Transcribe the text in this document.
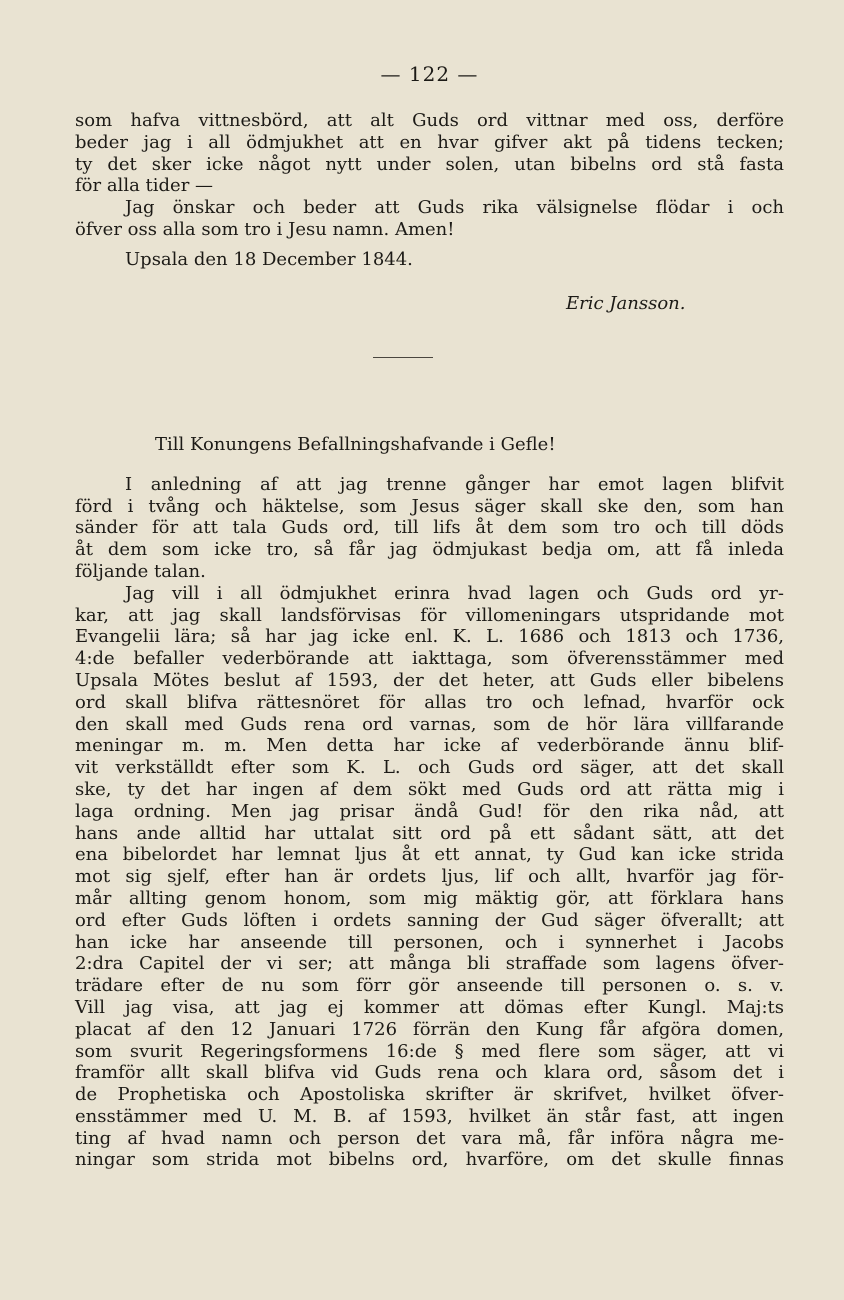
— 122 —
som hafva vittnesbörd, att alt Guds ord vittnar med oss, derföre
beder jag i all ödmjukhet att en hvar gifver akt på tidens tecken;
ty det sker icke något nytt under solen, utan bibelns ord stå fasta
för alla tider —
Jag önskar och beder att Guds rika välsignelse flödar i och
öfver oss alla som tro i Jesu namn. Amen!
Upsala den 18 December 1844.
Eric Jansson.
Till Konungens Befallningshafvande i Gefle!
I anledning af att jag trenne gånger har emot lagen blifvit
förd i tvång och häktelse, som Jesus säger skall ske den, som han
sänder för att tala Guds ord, till lifs åt dem som tro och till döds
åt dem som icke tro, så får jag ödmjukast bedja om, att få inleda
följande talan.
Jag vill i all ödmjukhet erinra hvad lagen och Guds ord yr-
kar, att jag skall landsförvisas för villomeningars utspridande mot
Evangelii lära; så har jag icke enl. K. L. 1686 och 1813 och 1736,
4:de befaller vederbörande att iakttaga, som öfverensstämmer med
Upsala Mötes beslut af 1593, der det heter, att Guds eller bibelens
ord skall blifva rättesnöret för allas tro och lefnad, hvarför ock
den skall med Guds rena ord varnas, som de hör lära villfarande
meningar m. m. Men detta har icke af vederbörande ännu blif-
vit verkställdt efter som K. L. och Guds ord säger, att det skall
ske, ty det har ingen af dem sökt med Guds ord att rätta mig i
laga ordning. Men jag prisar ändå Gud! för den rika nåd, att
hans ande alltid har uttalat sitt ord på ett sådant sätt, att det
ena bibelordet har lemnat ljus åt ett annat, ty Gud kan icke strida
mot sig sjelf, efter han är ordets ljus, lif och allt, hvarför jag för-
mår allting genom honom, som mig mäktig gör, att förklara hans
ord efter Guds löften i ordets sanning der Gud säger öfverallt; att
han icke har anseende till personen, och i synnerhet i Jacobs
2:dra Capitel der vi ser; att många bli straffade som lagens öfver-
trädare efter de nu som förr gör anseende till personen o. s. v.
Vill jag visa, att jag ej kommer att dömas efter Kungl. Maj:ts
placat af den 12 Januari 1726 förrän den Kung får afgöra domen,
som svurit Regeringsformens 16:de § med flere som säger, att vi
framför allt skall blifva vid Guds rena och klara ord, såsom det i
de Prophetiska och Apostoliska skrifter är skrifvet, hvilket öfver-
ensstämmer med U. M. B. af 1593, hvilket än står fast, att ingen
ting af hvad namn och person det vara må, får införa några me-
ningar som strida mot bibelns ord, hvarföre, om det skulle finnas
